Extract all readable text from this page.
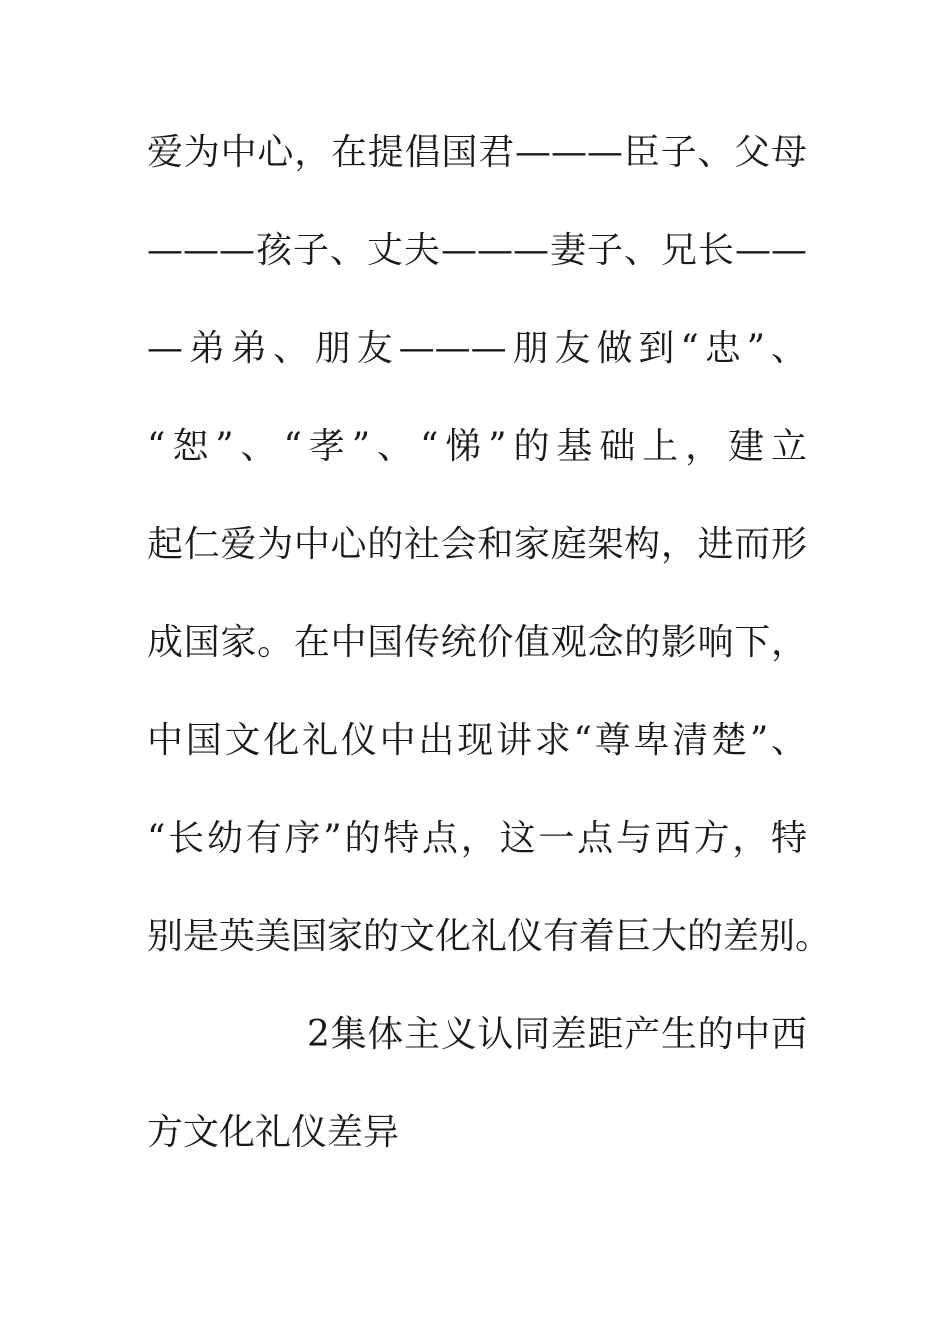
爱为中心，在提倡国君———臣子、父母
———孩子、丈夫———妻子、兄长——
—弟弟、朋友———朋友做到“忠”、
“恕”、“孝”、“悌”的基础上，建立
起仁爱为中心的社会和家庭架构，进而形
成国家。在中国传统价值观念的影响下，
中国文化礼仪中出现讲求“尊卑清楚”、
“长幼有序”的特点，这一点与西方，特
别是英美国家的文化礼仪有着巨大的差别。
2集体主义认同差距产生的中西
方文化礼仪差异
